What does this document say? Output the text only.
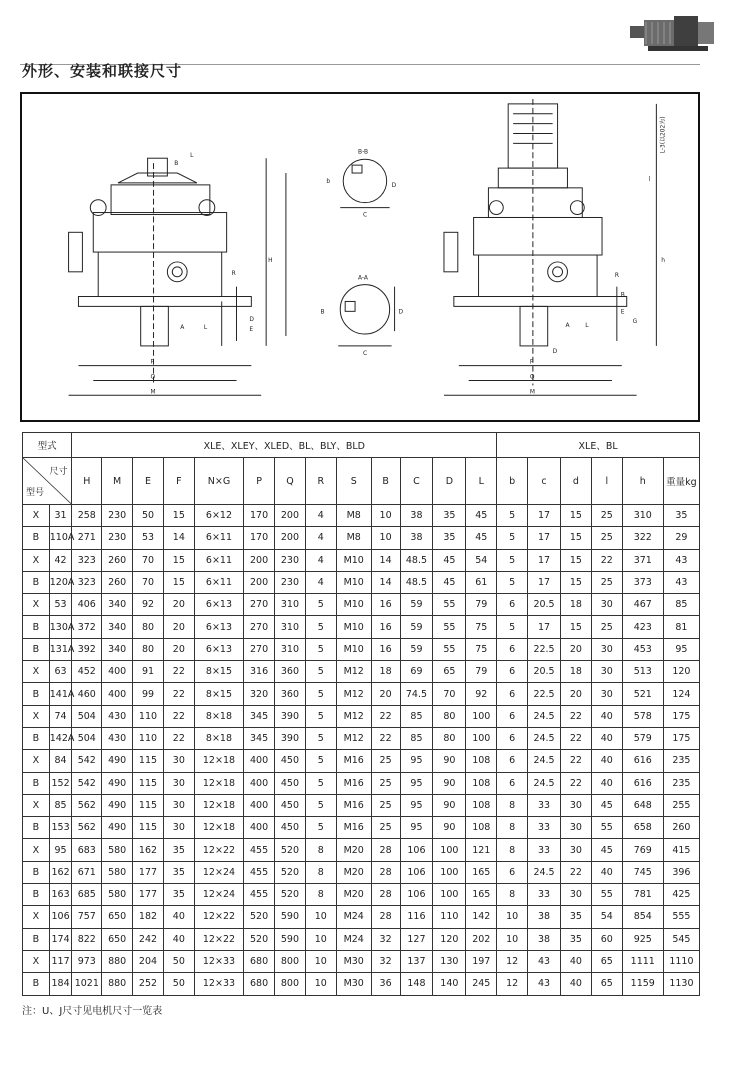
外形、安装和联接尺寸
B
L
H
D
E
A	L
P
Q
M
R
B-B
A-A
b
C
D
B
C
D
L-3(以202为)
l
h
P
Q
M
B
E
A	L
D
R
G
型式		XLE、XLEY、XLED、BL、BLY、BLD													XLE、BL					

尺寸
型号		H	M	E	F	N×G	P	Q	R	S	B	C	D	L	b	c	d	l	h	重量kg
X	31	258	230	50	15	6×12	170	200	4	M8	10	38	35	45	5	17	15	25	310	35
B	110A	271	230	53	14	6×11	170	200	4	M8	10	38	35	45	5	17	15	25	322	29
X	42	323	260	70	15	6×11	200	230	4	M10	14	48.5	45	54	5	17	15	22	371	43
B	120A	323	260	70	15	6×11	200	230	4	M10	14	48.5	45	61	5	17	15	25	373	43
X	53	406	340	92	20	6×13	270	310	5	M10	16	59	55	79	6	20.5	18	30	467	85
B	130A	372	340	80	20	6×13	270	310	5	M10	16	59	55	75	5	17	15	25	423	81
B	131A	392	340	80	20	6×13	270	310	5	M10	16	59	55	75	6	22.5	20	30	453	95
X	63	452	400	91	22	8×15	316	360	5	M12	18	69	65	79	6	20.5	18	30	513	120
B	141A	460	400	99	22	8×15	320	360	5	M12	20	74.5	70	92	6	22.5	20	30	521	124
X	74	504	430	110	22	8×18	345	390	5	M12	22	85	80	100	6	24.5	22	40	578	175
B	142A	504	430	110	22	8×18	345	390	5	M12	22	85	80	100	6	24.5	22	40	579	175
X	84	542	490	115	30	12×18	400	450	5	M16	25	95	90	108	6	24.5	22	40	616	235
B	152	542	490	115	30	12×18	400	450	5	M16	25	95	90	108	6	24.5	22	40	616	235
X	85	562	490	115	30	12×18	400	450	5	M16	25	95	90	108	8	33	30	45	648	255
B	153	562	490	115	30	12×18	400	450	5	M16	25	95	90	108	8	33	30	55	658	260
X	95	683	580	162	35	12×22	455	520	8	M20	28	106	100	121	8	33	30	45	769	415
B	162	671	580	177	35	12×24	455	520	8	M20	28	106	100	165	6	24.5	22	40	745	396
B	163	685	580	177	35	12×24	455	520	8	M20	28	106	100	165	8	33	30	55	781	425
X	106	757	650	182	40	12×22	520	590	10	M24	28	116	110	142	10	38	35	54	854	555
B	174	822	650	242	40	12×22	520	590	10	M24	32	127	120	202	10	38	35	60	925	545
X	117	973	880	204	50	12×33	680	800	10	M30	32	137	130	197	12	43	40	65	1111	1110
B	184	1021	880	252	50	12×33	680	800	10	M30	36	148	140	245	12	43	40	65	1159	1130
注：U、J尺寸见电机尺寸一览表
